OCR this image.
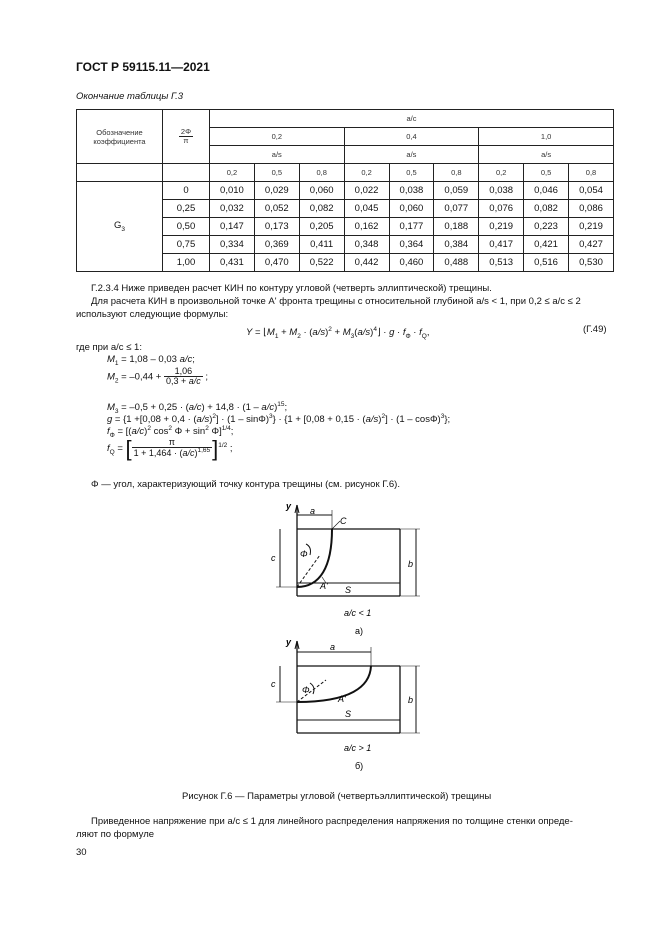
ГОСТ Р 59115.11—2021
Окончание таблицы Г.3
Обозначение коэффициента	$\frac{2\Phi}{\pi}$	a/c								
		0,2			0,4			1,0		
		a/s			a/s			a/s		
		0,2	0,5	0,8	0,2	0,5	0,8	0,2	0,5	0,8
$G_3$	0	0,010	0,029	0,060	0,022	0,038	0,059	0,038	0,046	0,054
	0,25	0,032	0,052	0,082	0,045	0,060	0,077	0,076	0,082	0,086
	0,50	0,147	0,173	0,205	0,162	0,177	0,188	0,219	0,223	0,219
	0,75	0,334	0,369	0,411	0,348	0,364	0,384	0,417	0,421	0,427
	1,00	0,431	0,470	0,522	0,442	0,460	0,488	0,513	0,516	0,530
Г.2.3.4 Ниже приведен расчет КИН по контуру угловой (четверть эллиптической) трещины.
Для расчета КИН в произвольной точке A' фронта трещины с относительной глубиной a/s < 1, при 0,2 ≤ a/c ≤ 2
используют следующие формулы:
$Y = ⌊M_1 + M_2 \cdot (a/s)^2$ + $M_3(a/s)^4⌋ \cdot g \cdot f_\Phi \cdot f_Q$,	(Г.49)
где при a/c ≤ 1:
$M_1 = 1,08 - 0,03$ a/c;
$M_2 = -0,44 + \frac{1,06}{0,3 + a/c}$ ;
$M_3 = -0,5 + 0,25 \cdot (a/c) + 14,8 \cdot (1 - a/c)^{15}$;
$g = \{1 +[0,08 + 0,4 \cdot (a/s)^2] \cdot (1 - \sin\Phi)^3\} \cdot \{1 + [0,08 + 0,15 \cdot (a/s)^2] \cdot (1 - \cos\Phi)^3\}$;
$f_\Phi = [(a/c)^2$ $\cos^2 \Phi + \sin^2 \Phi]^{1/4}$;
$f_Q$ = [ $\frac{\pi}{1 + 1,464 \cdot (a/c)^{1,65}} ]^{1/2}$ ;
Φ — угол, характеризующий точку контура трещины (см. рисунок Г.6).
y a
C
c	Φ
A' S
b
a/c < 1
а)
y	a
c
Φ
A'
S
b
a/c > 1
б)
Рисунок Г.6 — Параметры угловой (четвертьэллиптической) трещины
Приведенное напряжение при a/c ≤ 1 для линейного распределения напряжения по толщине стенки опреде-
ляют по формуле
30
